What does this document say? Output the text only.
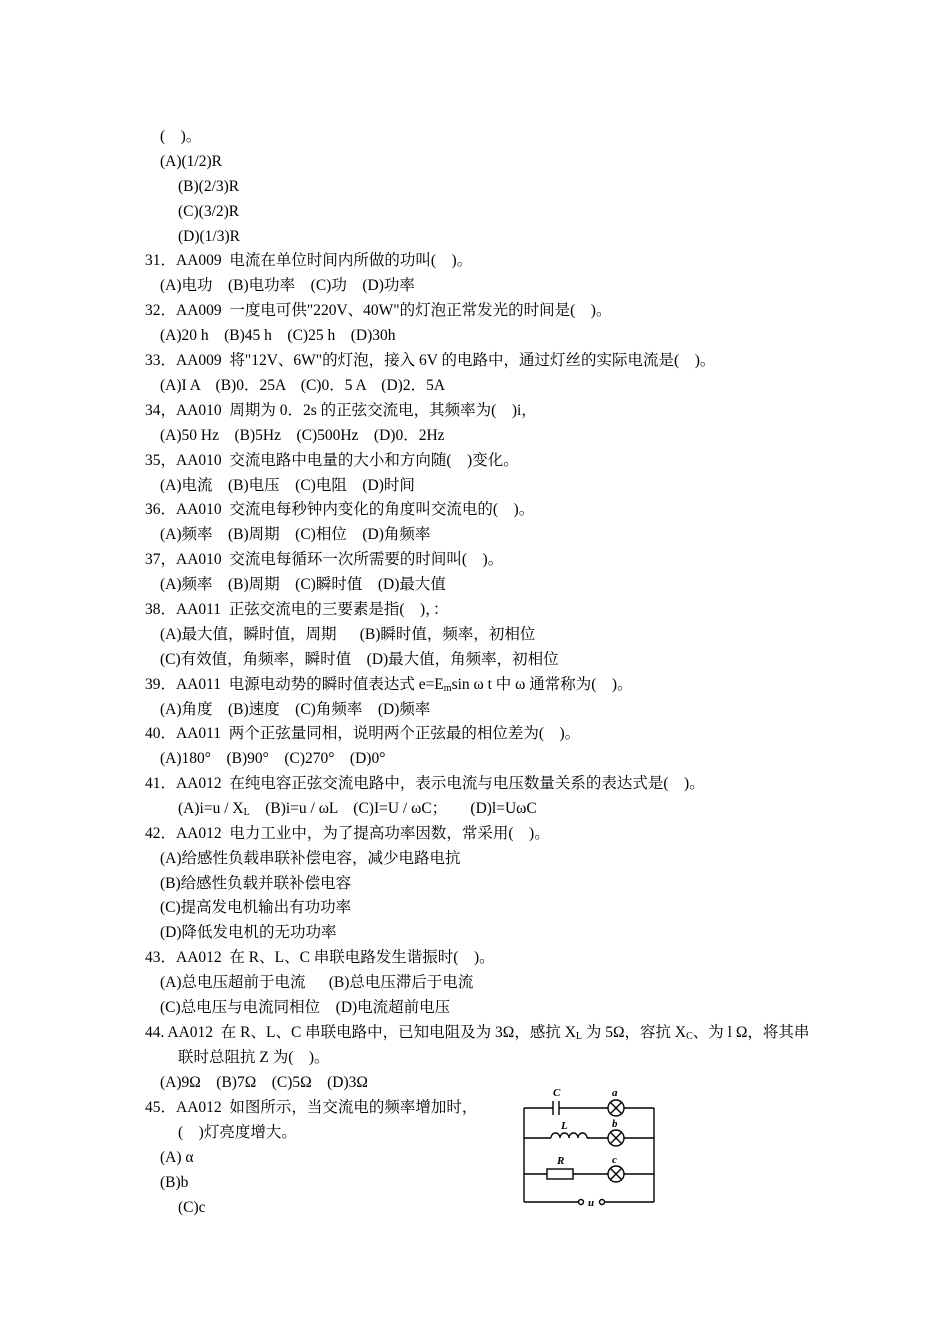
(    )。
(A)(1/2)R
(B)(2/3)R
(C)(3/2)R
(D)(1/3)R
31．AA009  电流在单位时间内所做的功叫(    )。
(A)电功    (B)电功率    (C)功    (D)功率
32．AA009  一度电可供"220V、40W"的灯泡正常发光的时间是(    )。
(A)20 h    (B)45 h    (C)25 h    (D)30h
33．AA009  将"12V、6W"的灯泡，接入 6V 的电路中，通过灯丝的实际电流是(    )。
(A)I A    (B)0．25A    (C)0．5 A    (D)2．5A
34，AA010  周期为 0．2s 的正弦交流电，其频率为(    )i，
(A)50 Hz    (B)5Hz    (C)500Hz    (D)0．2Hz
35，AA010  交流电路中电量的大小和方向随(    )变化。
(A)电流    (B)电压    (C)电阻    (D)时间
36．AA010  交流电每秒钟内变化的角度叫交流电的(    )。
(A)频率    (B)周期    (C)相位    (D)角频率
37，AA010  交流电每循环一次所需要的时间叫(    )。
(A)频率    (B)周期    (C)瞬时值    (D)最大值
38．AA011  正弦交流电的三要素是指(    )，：
(A)最大值，瞬时值，周期      (B)瞬时值，频率，初相位
(C)有效值，角频率，瞬时值    (D)最大值，角频率，初相位
39．AA011  电源电动势的瞬时值表达式 $e=E_m\sin$ ω t 中 ω 通常称为(    )。
(A)角度    (B)速度    (C)角频率    (D)频率
40．AA011  两个正弦量同相，说明两个正弦最的相位差为(    )。
(A)180°    (B)90°    (C)270°    (D)0°
41．AA012  在纯电容正弦交流电路中，表示电流与电压数量关系的表达式是(    )。
$(A)i=u / X_L$    (B)i=u / ωL    (C)I=U / ωC；      (D)l=UωC
42．AA012  电力工业中，为了提高功率因数，常采用(    )。
(A)给感性负载串联补偿电容，减少电路电抗
(B)给感性负载并联补偿电容
(C)提高发电机输出有功功率
(D)降低发电机的无功功率
43．AA012  在 R、L、C 串联电路发生谐振时(    )。
(A)总电压超前于电流      (B)总电压滞后于电流
(C)总电压与电流同相位    (D)电流超前电压
44. AA012  在 R、L、C 串联电路中，已知电阻及为 3Ω，感抗 $X_L$ 为 5Ω，容抗 $X_C$、为 l Ω，将其串
联时总阻抗 Z 为(    )。
(A)9Ω    (B)7Ω    (C)5Ω    (D)3Ω
45．AA012  如图所示，当交流电的频率增加时，
(    )灯亮度增大。
(A) α
(B)b
(C)c
C	a
L	b
R	c
u
